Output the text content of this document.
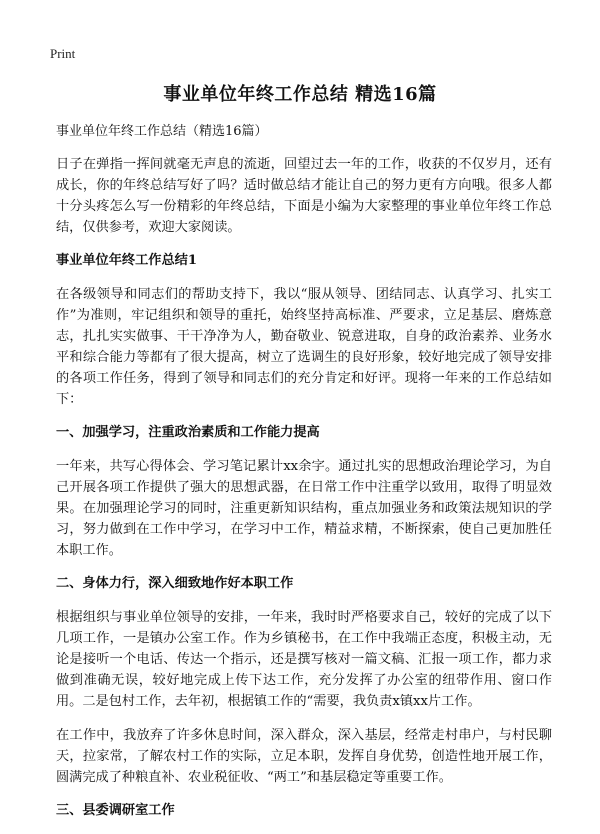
Print
事业单位年终工作总结 精选16篇
事业单位年终工作总结（精选16篇）

日子在弹指一挥间就毫无声息的流逝，回望过去一年的工作，收获的不仅岁月，还有成长，你的年终总结写好了吗？适时做总结才能让自己的努力更有方向哦。很多人都十分头疼怎么写一份精彩的年终总结，下面是小编为大家整理的事业单位年终工作总结，仅供参考，欢迎大家阅读。

事业单位年终工作总结1

在各级领导和同志们的帮助支持下，我以“服从领导、团结同志、认真学习、扎实工作”为准则，牢记组织和领导的重托，始终坚持高标准、严要求，立足基层、磨炼意志，扎扎实实做事、干干净净为人，勤奋敬业、锐意进取，自身的政治素养、业务水平和综合能力等都有了很大提高，树立了选调生的良好形象，较好地完成了领导安排的各项工作任务，得到了领导和同志们的充分肯定和好评。现将一年来的工作总结如下：

一、加强学习，注重政治素质和工作能力提高

一年来，共写心得体会、学习笔记累计xx余字。通过扎实的思想政治理论学习，为自己开展各项工作提供了强大的思想武器，在日常工作中注重学以致用，取得了明显效果。在加强理论学习的同时，注重更新知识结构，重点加强业务和政策法规知识的学习，努力做到在工作中学习，在学习中工作，精益求精，不断探索，使自己更加胜任本职工作。

二、身体力行，深入细致地作好本职工作

根据组织与事业单位领导的安排，一年来，我时时严格要求自己，较好的完成了以下几项工作，一是镇办公室工作。作为乡镇秘书，在工作中我端正态度，积极主动，无论是接听一个电话、传达一个指示，还是撰写核对一篇文稿、汇报一项工作，都力求做到准确无误，较好地完成上传下达工作，充分发挥了办公室的纽带作用、窗口作用。二是包村工作，去年初，根据镇工作的“需要，我负责x镇xx片工作。

在工作中，我放弃了许多休息时间，深入群众，深入基层，经常走村串户，与村民聊天，拉家常，了解农村工作的实际，立足本职，发挥自身优势，创造性地开展工作，圆满完成了种粮直补、农业税征收、“两工”和基层稳定等重要工作。

三、县委调研室工作
